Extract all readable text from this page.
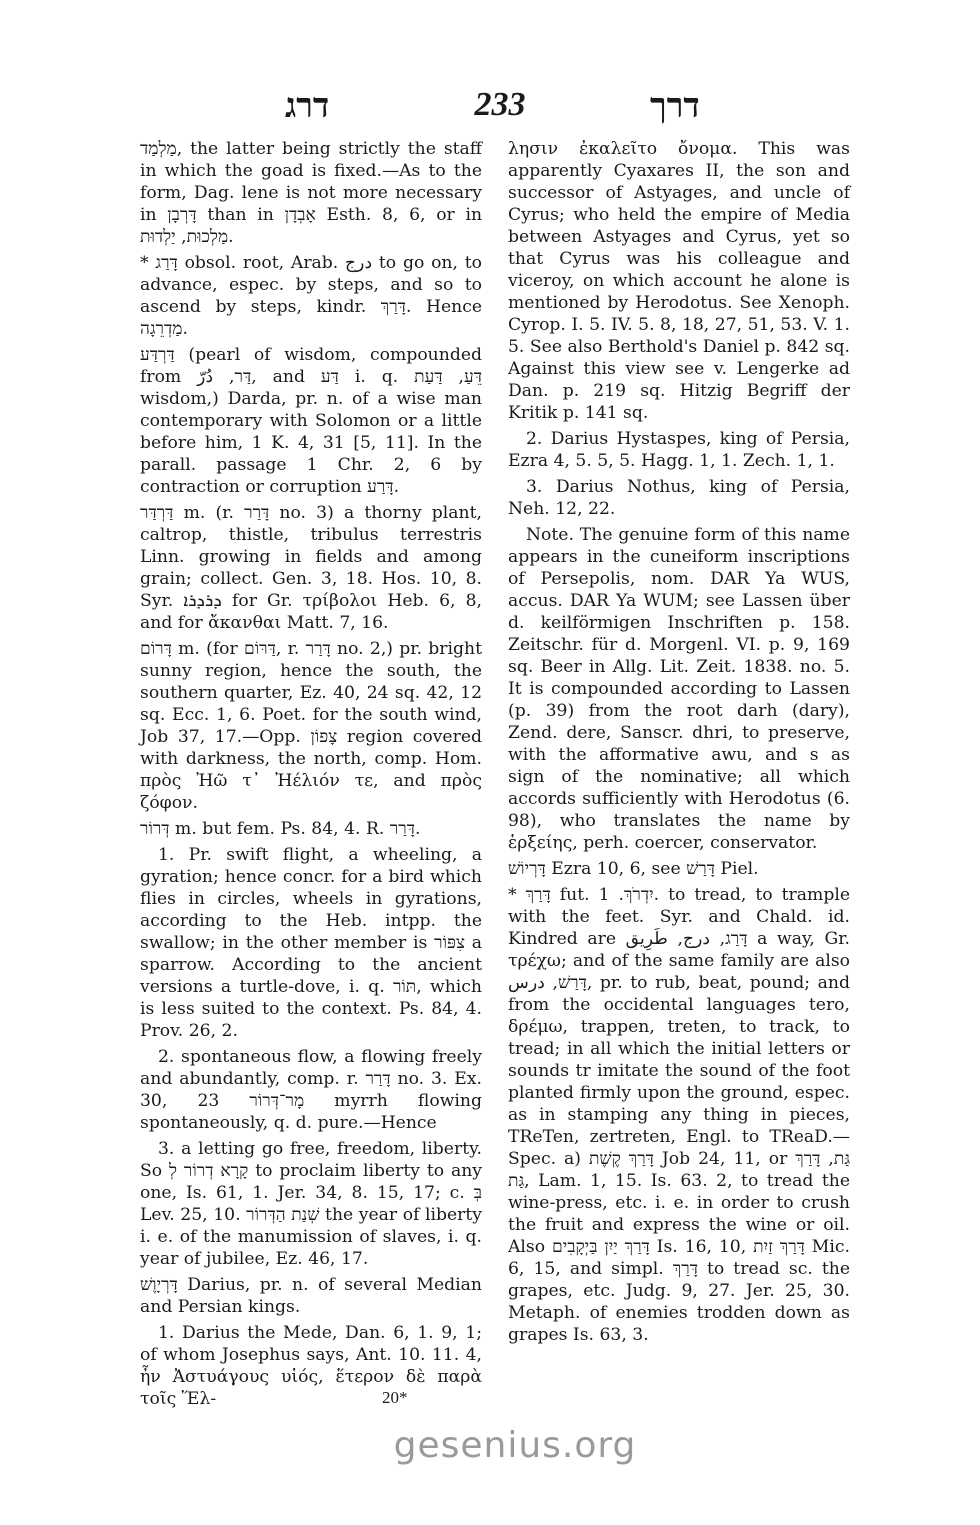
דרג	233	דרך

מַלְמַד, the latter being strictly the staff in which the goad is fixed.—As to the form, Dag. lene is not more necessary in דָּרְבָן than in אָבְדָן Esth. 8, 6, or in מַלְכוּת, יַלְדוּת.

* דָּרַג obsol. root, Arab. درج to go on, to advance, espec. by steps, and so to ascend by steps, kindr. דָּרַךְ. Hence מַדְרֵגָה.

דַּרְדַּע (pearl of wisdom, compounded from דַּר, دُرّ, and דַּע i. q. דֵּעַ, דַּעַת wisdom,) Darda, pr. n. of a wise man contemporary with Solomon or a little before him, 1 K. 4, 31 [5, 11]. In the parall. passage 1 Chr. 2, 6 by contraction or corruption דָּרַע.

דַּרְדַּר m. (r. דָּרַר no. 3) a thorny plant, caltrop, thistle, tribulus terrestris Linn. growing in fields and among grain; collect. Gen. 3, 18. Hos. 10, 8. Syr. ܕܪܕܪܐ for Gr. τρίβολοι Heb. 6, 8, and for ἄκανθαι Matt. 7, 16.

דָּרוֹם m. (for דַּרּוֹם, r. דָּרַר no. 2,) pr. bright sunny region, hence the south, the southern quarter, Ez. 40, 24 sq. 42, 12 sq. Ecc. 1, 6. Poet. for the south wind, Job 37, 17.—Opp. צָפוֹן region covered with darkness, the north, comp. Hom. πρὸς Ἠῶ τ᾽ Ἠέλιόν τε, and πρὸς ζόφον.

דְּרוֹר m. but fem. Ps. 84, 4. R. דָּרַר.

1. Pr. swift flight, a wheeling, a gyration; hence concr. for a bird which flies in circles, wheels in gyrations, according to the Heb. intpp. the swallow; in the other member is צִפּוֹר a sparrow. According to the ancient versions a turtle-dove, i. q. תּוֹר, which is less suited to the context. Ps. 84, 4. Prov. 26, 2.

2. spontaneous flow, a flowing freely and abundantly, comp. r. דָּרַר no. 3. Ex. 30, 23 מָר־דְּרוֹר myrrh flowing spontaneously, q. d. pure.—Hence

3. a letting go free, freedom, liberty. So קָרָא דְרוֹר לְ to proclaim liberty to any one, Is. 61, 1. Jer. 34, 8. 15, 17; c. בְּ Lev. 25, 10. שְׁנַת הַדְּרוֹר the year of liberty i. e. of the manumission of slaves, i. q. year of jubilee, Ez. 46, 17.

דָּרְיָוֶשׁ Darius, pr. n. of several Median and Persian kings.

1. Darius the Mede, Dan. 6, 1. 9, 1; of whom Josephus says, Ant. 10. 11. 4, ἦν Ἀστυάγους υἱός, ἕτερον δὲ παρὰ τοῖς Ἕλ-

λησιν ἐκαλεῖτο ὄνομα. This was apparently Cyaxares II, the son and successor of Astyages, and uncle of Cyrus; who held the empire of Media between Astyages and Cyrus, yet so that Cyrus was his colleague and viceroy, on which account he alone is mentioned by Herodotus. See Xenoph. Cyrop. I. 5. IV. 5. 8, 18, 27, 51, 53. V. 1. 5. See also Berthold's Daniel p. 842 sq. Against this view see v. Lengerke ad Dan. p. 219 sq. Hitzig Begriff der Kritik p. 141 sq.

2. Darius Hystaspes, king of Persia, Ezra 4, 5. 5, 5. Hagg. 1, 1. Zech. 1, 1.

3. Darius Nothus, king of Persia, Neh. 12, 22.

Note. The genuine form of this name appears in the cuneiform inscriptions of Persepolis, nom. DAR Ya WUS, accus. DAR Ya WUM; see Lassen über d. keilförmigen Inschriften p. 158. Zeitschr. für d. Morgenl. VI. p. 9, 169 sq. Beer in Allg. Lit. Zeit. 1838. no. 5. It is compounded according to Lassen (p. 39) from the root darh (dary), Zend. dere, Sanscr. dhri, to preserve, with the afformative awu, and s as sign of the nominative; all which accords sufficiently with Herodotus (6. 98), who translates the name by ἑρξείης, perh. coercer, conservator.

דָּרְיוֹשׁ Ezra 10, 6, see דָּרַשׁ Piel.

* דָּרַךְ fut. יִדְרֹךְ. 1. to tread, to trample with the feet. Syr. and Chald. id. Kindred are דָּרַג, درج, طَرِيق a way, Gr. τρέχω; and of the same family are also דָּרַשׁ, درس, pr. to rub, beat, pound; and from the occidental languages tero, δρέμω, trappen, treten, to track, to tread; in all which the initial letters or sounds tr imitate the sound of the foot planted firmly upon the ground, espec. as in stamping any thing in pieces, TReTen, zertreten, Engl. to TReaD.—Spec. a) דָּרַךְ קֶשֶׁת Job 24, 11, or גַּת, דָּרַךְ גַּת, Lam. 1, 15. Is. 63. 2, to tread the wine-press, etc. i. e. in order to crush the fruit and express the wine or oil. Also דָּרַךְ יַיִן בַּיְקָבִים Is. 16, 10, דָּרַךְ זַיִת Mic. 6, 15, and simpl. דָּרַךְ to tread sc. the grapes, etc. Judg. 9, 27. Jer. 25, 30. Metaph. of enemies trodden down as grapes Is. 63, 3.

20*
gesenius.org
